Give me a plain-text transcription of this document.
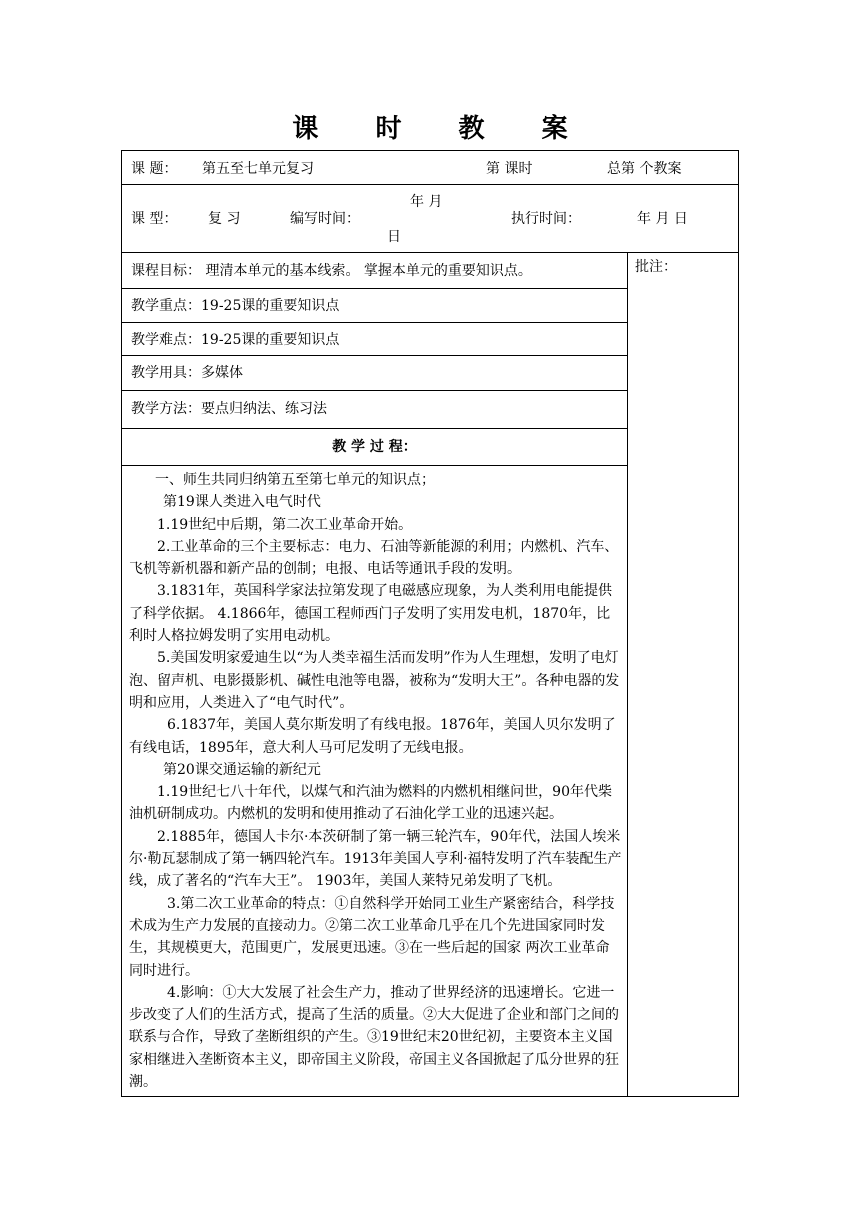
课 时 教 案
课 题： 第五至七单元复习	第 课时	总第 个教案
课 型： 复 习	编写时间：
年 月
日
执行时间：	年 月 日
课程目标： 理清本单元的基本线索。 掌握本单元的重要知识点。	批注：
教学重点：19-25课的重要知识点
教学难点：19-25课的重要知识点
教学用具：多媒体
教学方法：要点归纳法、练习法
教 学 过 程：

一、师生共同归纳第五至第七单元的知识点；

第19课人类进入电气时代

1.19世纪中后期，第二次工业革命开始。

2.工业革命的三个主要标志：电力、石油等新能源的利用；内燃机、汽车、飞机等新机器和新产品的创制；电报、电话等通讯手段的发明。

3.1831年，英国科学家法拉第发现了电磁感应现象，为人类利用电能提供了科学依据。 4.1866年，德国工程师西门子发明了实用发电机，1870年，比利时人格拉姆发明了实用电动机。

5.美国发明家爱迪生以“为人类幸福生活而发明”作为人生理想，发明了电灯泡、留声机、电影摄影机、碱性电池等电器，被称为“发明大王”。各种电器的发明和应用，人类进入了“电气时代”。

6.1837年，美国人莫尔斯发明了有线电报。1876年，美国人贝尔发明了有线电话，1895年，意大利人马可尼发明了无线电报。

第20课交通运输的新纪元

1.19世纪七八十年代，以煤气和汽油为燃料的内燃机相继问世，90年代柴油机研制成功。内燃机的发明和使用推动了石油化学工业的迅速兴起。

2.1885年，德国人卡尔·本茨研制了第一辆三轮汽车，90年代，法国人埃米尔·勒瓦瑟制成了第一辆四轮汽车。1913年美国人亨利·福特发明了汽车装配生产线，成了著名的“汽车大王”。 1903年，美国人莱特兄弟发明了飞机。

3.第二次工业革命的特点：①自然科学开始同工业生产紧密结合，科学技术成为生产力发展的直接动力。②第二次工业革命几乎在几个先进国家同时发生，其规模更大，范围更广，发展更迅速。③在一些后起的国家 两次工业革命同时进行。

4.影响：①大大发展了社会生产力，推动了世界经济的迅速增长。它进一步改变了人们的生活方式，提高了生活的质量。②大大促进了企业和部门之间的联系与合作，导致了垄断组织的产生。③19世纪末20世纪初，主要资本主义国家相继进入垄断资本主义，即帝国主义阶段，帝国主义各国掀起了瓜分世界的狂潮。
